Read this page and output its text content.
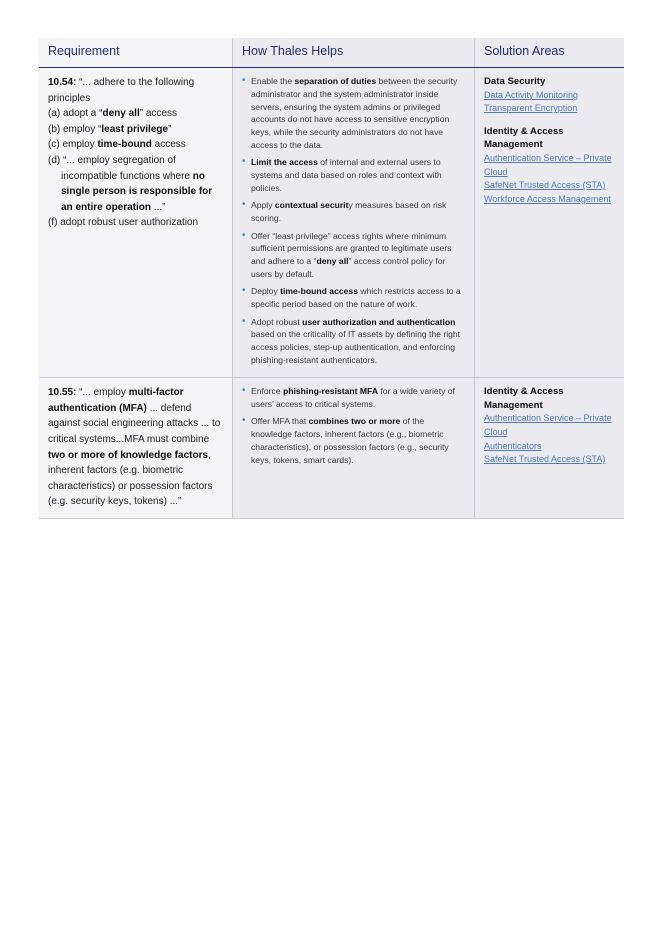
Requirement	How Thales Helps	Solution Areas

10.54: “... adhere to the following principles

(a) adopt a “deny all” access

(b) employ “least privilege”

(c) employ time-bound access

(d) “... employ segregation of incompatible functions where no single person is responsible for an entire operation ...”

(f) adopt robust user authorization

• Enable the separation of duties between the security administrator and the system administrator inside servers, ensuring the system admins or privileged accounts do not have access to sensitive encryption keys, while the security administrators do not have access to the data.
• Limit the access of internal and external users to systems and data based on roles and context with policies.
• Apply contextual security measures based on risk scoring.
• Offer “least privilege” access rights where minimum sufficient permissions are granted to legitimate users and adhere to a “deny all” access control policy for users by default.
• Deploy time-bound access which restricts access to a specific period based on the nature of work.
• Adopt robust user authorization and authentication based on the criticality of IT assets by defining the right access policies, step-up authentication, and enforcing phishing-resistant authenticators.
Data Security
Data Activity Monitoring
Transparent Encryption
Identity & Access Management
Authentication Service – Private Cloud
SafeNet Trusted Access (STA)
Workforce Access Management

10.55: “... employ multi-factor authentication (MFA) ... defend against social engineering attacks ... to critical systems...MFA must combine two or more of knowledge factors, inherent factors (e.g. biometric characteristics) or possession factors (e.g. security keys, tokens) ...”

• Enforce phishing-resistant MFA for a wide variety of users’ access to critical systems.
• Offer MFA that combines two or more of the knowledge factors, inherent factors (e.g., biometric characteristics), or possession factors (e.g., security keys, tokens, smart cards).
Identity & Access Management
Authentication Service – Private Cloud
Authenticators
SafeNet Trusted Access (STA)
